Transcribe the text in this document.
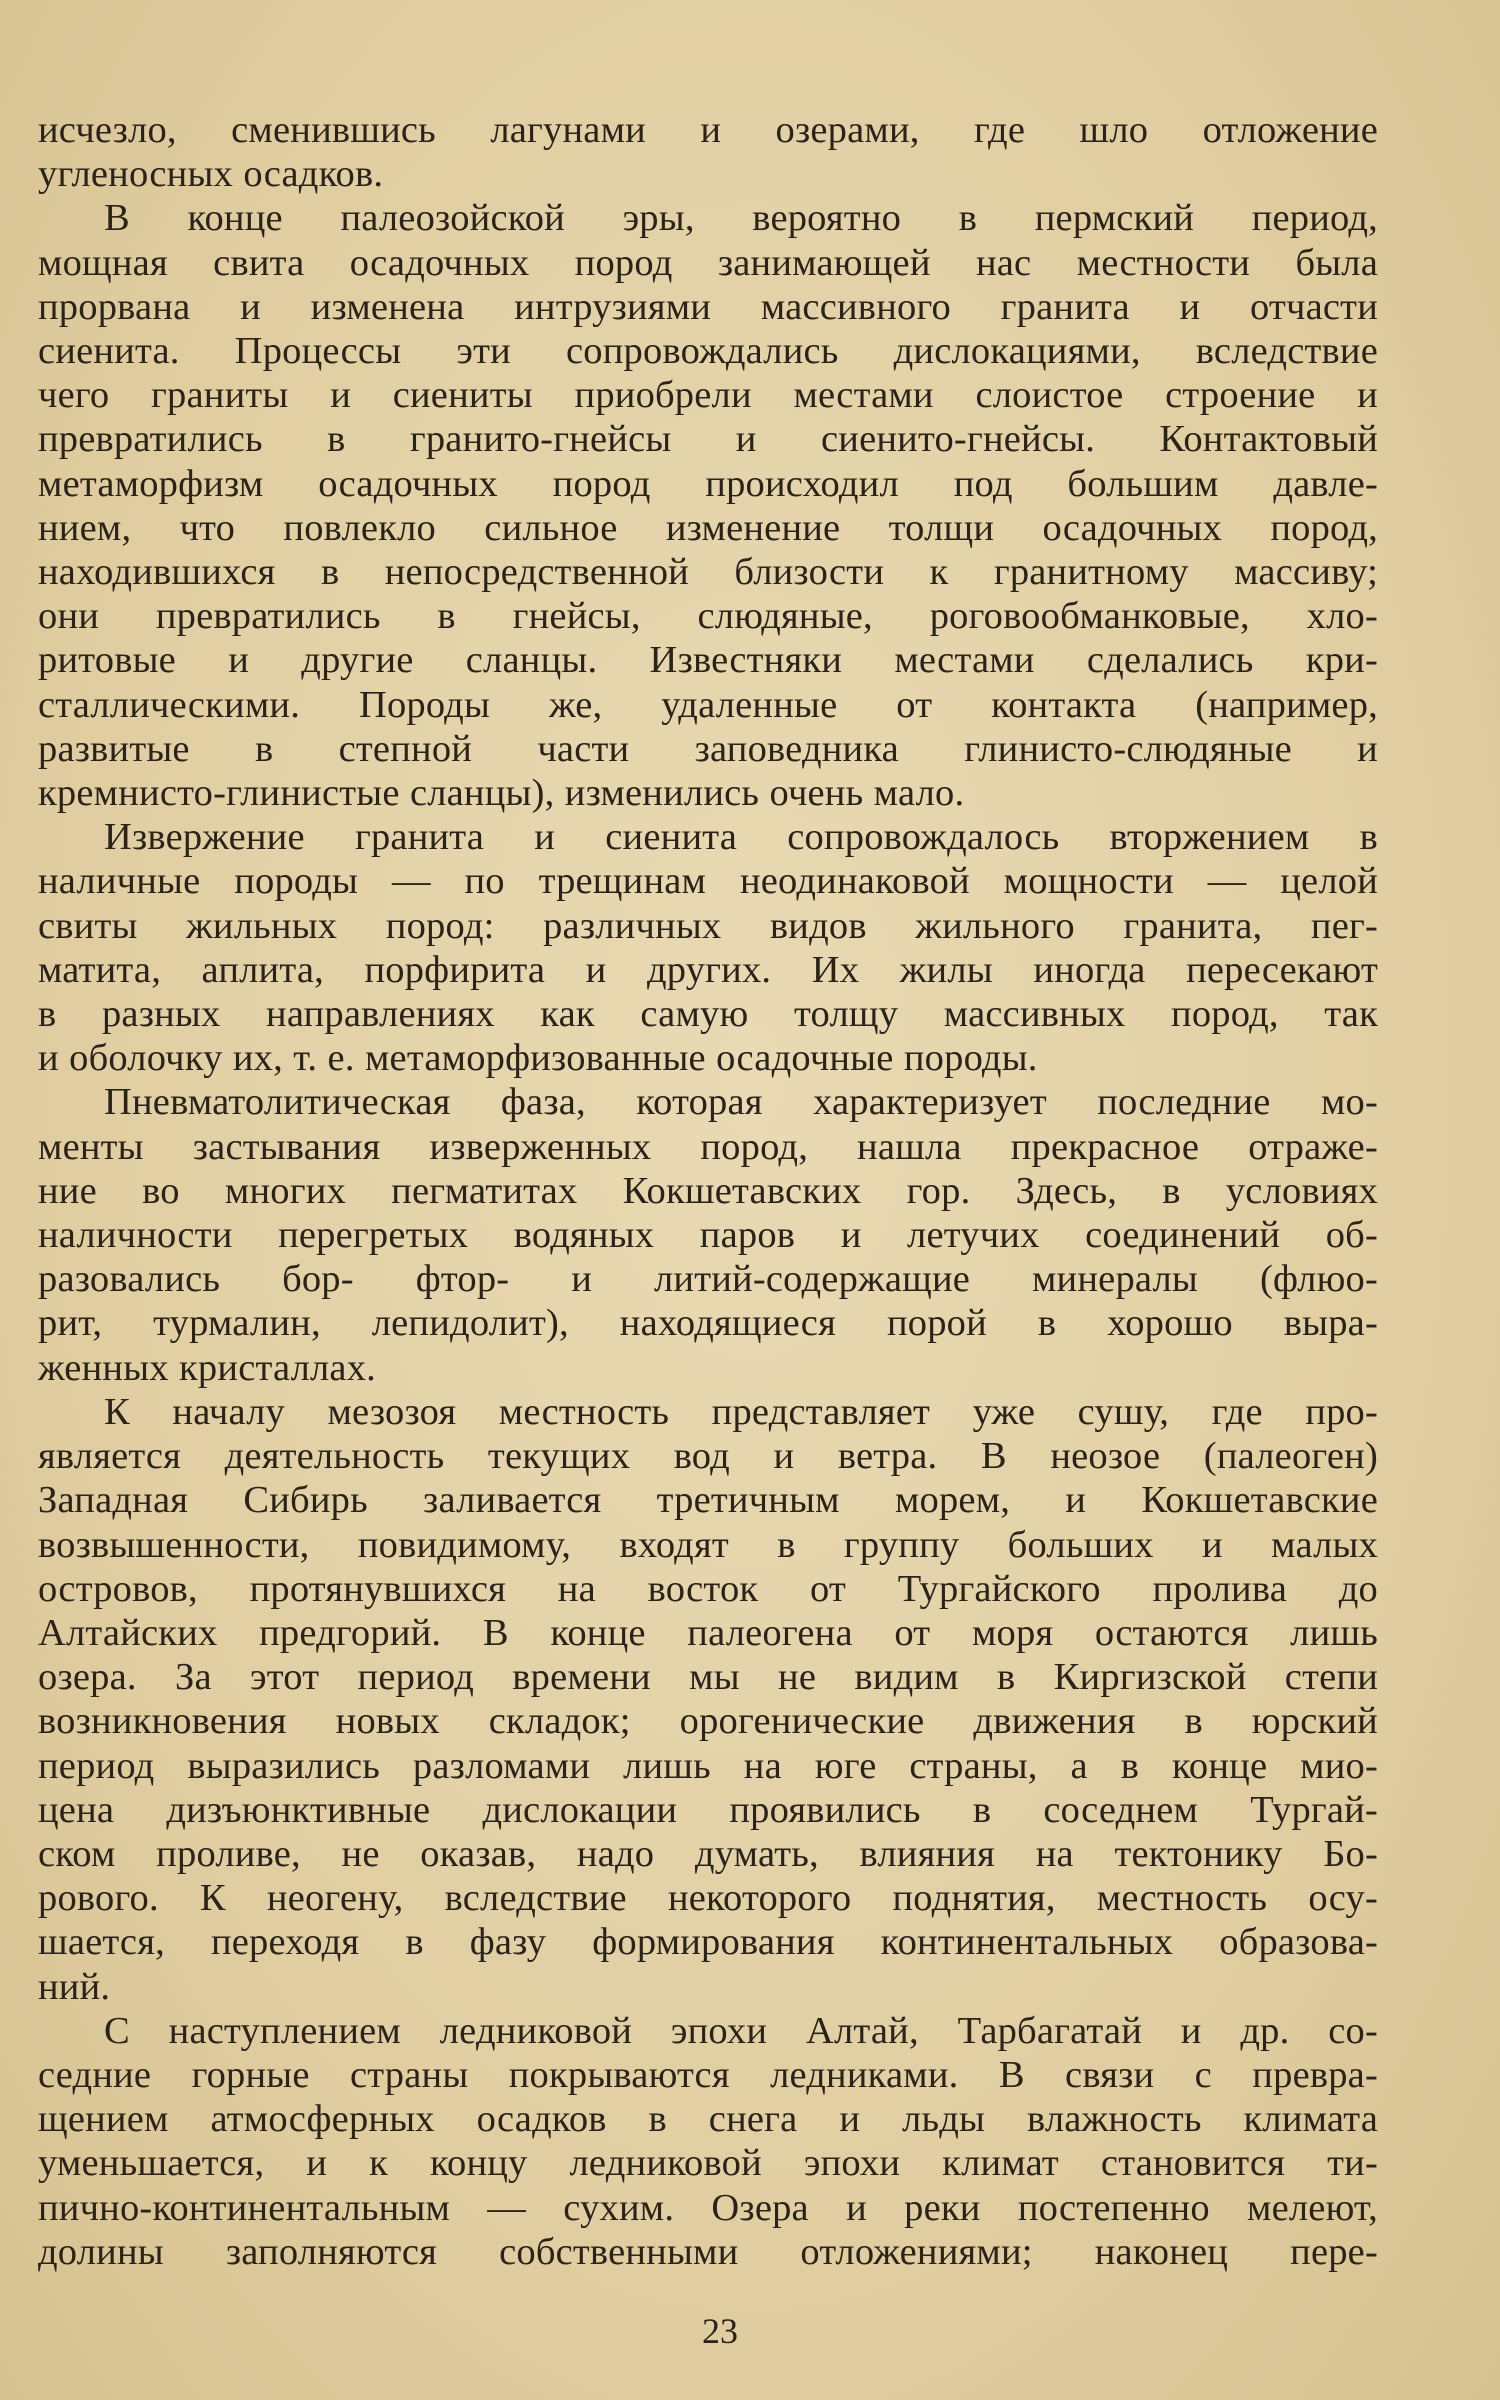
исчезло, сменившись лагунами и озерами, где шло отложение
угленосных осадков.
В конце палеозойской эры, вероятно в пермский период,
мощная свита осадочных пород занимающей нас местности была
прорвана и изменена интрузиями массивного гранита и отчасти
сиенита. Процессы эти сопровождались дислокациями, вследствие
чего граниты и сиениты приобрели местами слоистое строение и
превратились в гранито-гнейсы и сиенито-гнейсы. Контактовый
метаморфизм осадочных пород происходил под большим давле-
нием, что повлекло сильное изменение толщи осадочных пород,
находившихся в непосредственной близости к гранитному массиву;
они превратились в гнейсы, слюдяные, роговообманковые, хло-
ритовые и другие сланцы. Известняки местами сделались кри-
сталлическими. Породы же, удаленные от контакта (например,
развитые в степной части заповедника глинисто-слюдяные и
кремнисто-глинистые сланцы), изменились очень мало.
Извержение гранита и сиенита сопровождалось вторжением в
наличные породы — по трещинам неодинаковой мощности — целой
свиты жильных пород: различных видов жильного гранита, пег-
матита, аплита, порфирита и других. Их жилы иногда пересекают
в разных направлениях как самую толщу массивных пород, так
и оболочку их, т. е. метаморфизованные осадочные породы.
Пневматолитическая фаза, которая характеризует последние мо-
менты застывания изверженных пород, нашла прекрасное отраже-
ние во многих пегматитах Кокшетавских гор. Здесь, в условиях
наличности перегретых водяных паров и летучих соединений об-
разовались бор- фтор- и литий-содержащие минералы (флюо-
рит, турмалин, лепидолит), находящиеся порой в хорошо выра-
женных кристаллах.
К началу мезозоя местность представляет уже сушу, где про-
является деятельность текущих вод и ветра. В неозое (палеоген)
Западная Сибирь заливается третичным морем, и Кокшетавские
возвышенности, повидимому, входят в группу больших и малых
островов, протянувшихся на восток от Тургайского пролива до
Алтайских предгорий. В конце палеогена от моря остаются лишь
озера. За этот период времени мы не видим в Киргизской степи
возникновения новых складок; орогенические движения в юрский
период выразились разломами лишь на юге страны, а в конце мио-
цена дизъюнктивные дислокации проявились в соседнем Тургай-
ском проливе, не оказав, надо думать, влияния на тектонику Бо-
рового. К неогену, вследствие некоторого поднятия, местность осу-
шается, переходя в фазу формирования континентальных образова-
ний.
С наступлением ледниковой эпохи Алтай, Тарбагатай и др. со-
седние горные страны покрываются ледниками. В связи с превра-
щением атмосферных осадков в снега и льды влажность климата
уменьшается, и к концу ледниковой эпохи климат становится ти-
пично-континентальным — сухим. Озера и реки постепенно мелеют,
долины заполняются собственными отложениями; наконец пере-
23
